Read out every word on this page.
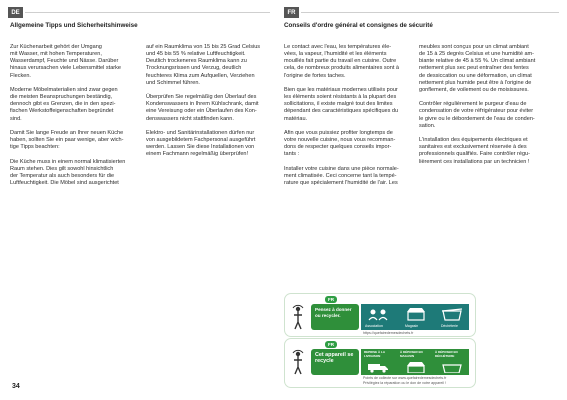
DE
Allgemeine Tipps und Sicherheitshinweise

Zur Küchenarbeit gehört der Umgang
mit Wasser, mit hohen Temperaturen,
Wasserdampf, Feuchte und Nässe. Darüber
hinaus verursachen viele Lebensmittel starke
Flecken.

Moderne Möbelmaterialien sind zwar gegen
die meisten Beanspruchungen beständig,
dennoch gibt es Grenzen, die in den spezi-
fischen Werkstoffeigenschaften begründet
sind.

Damit Sie lange Freude an Ihrer neuen Küche
haben, sollten Sie ein paar wenige, aber wich-
tige Tipps beachten:

Die Küche muss in einem normal klimatisierten
Raum stehen. Dies gilt sowohl hinsichtlich
der Temperatur als auch besonders für die
Luftfeuchtigkeit. Die Möbel sind ausgerichtet

auf ein Raumklima von 15 bis 25 Grad Celsius
und 45 bis 55 % relative Luftfeuchtigkeit.
Deutlich trockeneres Raumklima kann zu
Trocknungsrissen und Verzug, deutlich
feuchteres Klima zum Aufquellen, Verziehen
und Schimmel führen.

Überprüfen Sie regelmäßig den Überlauf des
Kondenswassers in Ihrem Kühlschrank, damit
eine Vereisung oder ein Überlaufen des Kon-
denswassers nicht stattfinden kann.

Elektro- und Sanitärinstallationen dürfen nur
von ausgebildetem Fachpersonal ausgeführt
werden. Lassen Sie diese Installationen von
einem Fachmann regelmäßig überprüfen!

34
FR
Conseils d'ordre général et consignes de sécurité

Le contact avec l'eau, les températures éle-
vées, la vapeur, l'humidité et les éléments
mouillés fait partie du travail en cuisine. Outre
cela, de nombreux produits alimentaires sont à
l'origine de fortes taches.

Bien que les matériaux modernes utilisés pour
les éléments soient résistants à la plupart des
sollicitations, il existe malgré tout des limites
dépendant des caractéristiques spécifiques du
matériau.

Afin que vous puissiez profiter longtemps de
votre nouvelle cuisine, nous vous recomman-
dons de respecter quelques conseils impor-
tants :

Installer votre cuisine dans une pièce normale-
ment climatisée. Ceci concerne tant la tempé-
rature que spécialement l'humidité de l'air. Les

meubles sont conçus pour un climat ambiant
de 15 à 25 degrés Celsius et une humidité am-
biante relative de 45 à 55 %. Un climat ambiant
nettement plus sec peut entraîner des fentes
de dessiccation ou une déformation, un climat
nettement plus humide peut être à l'origine de
gonflement, de voilement ou de moisissures.

Contrôler régulièrement le purgeur d'eau de
condensation de votre réfrigérateur pour éviter
le givre ou le débordement de l'eau de conden-
sation.

L'installation des équipements électriques et
sanitaires est exclusivement réservée à des
professionnels qualifiés. Faire contrôler régu-
lièrement ces installations par un technicien !

FR
Pensez à donner ou recycler.
Association	Magasin	Déchèterie
https://quefairedemesdechets.fr
FR
Cet appareil se recycle
REPRISE À LA LIVRAISON
À DÉPOSER EN MAGASIN
À DÉPOSER EN DÉCHÈTERIE
Points de collecte sur www.quefairedemesdechets.fr
Privilégiez la réparation ou le don de votre appareil !
